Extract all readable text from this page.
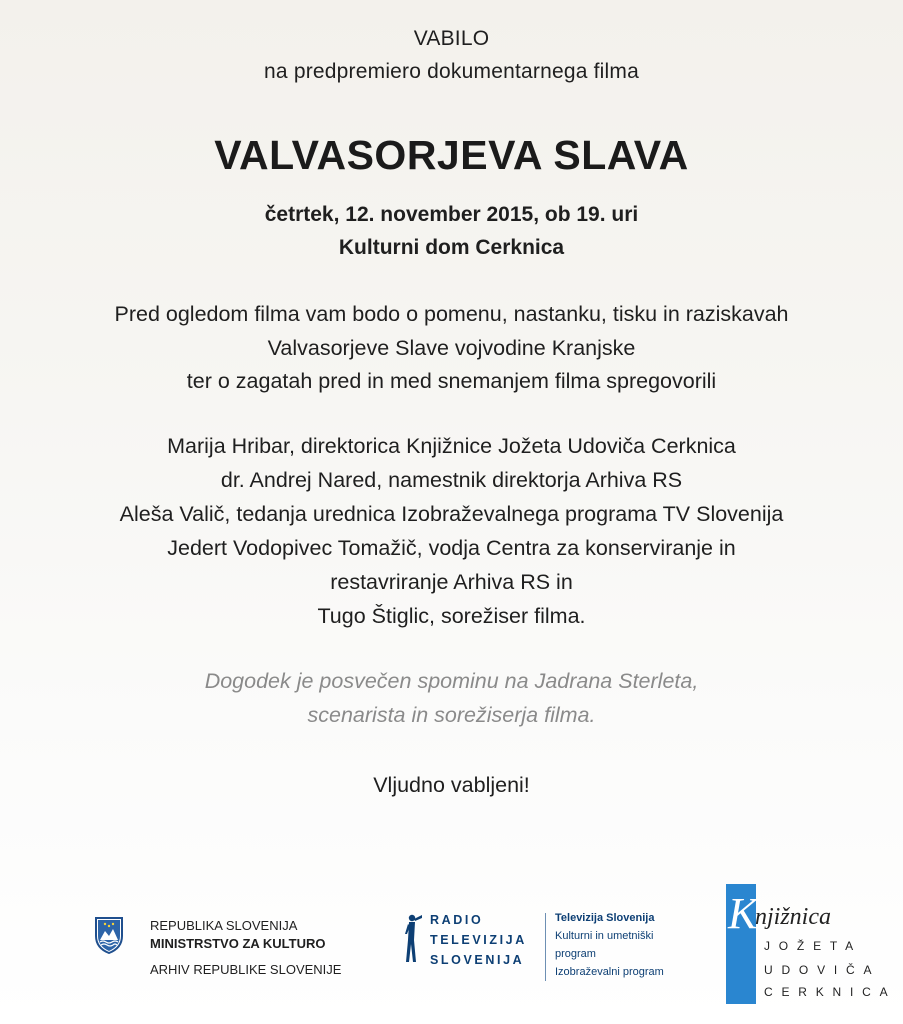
VABILO
na predpremiero dokumentarnega filma
VALVASORJEVA SLAVA
četrtek, 12. november 2015, ob 19. uri
Kulturni dom Cerknica
Pred ogledom filma vam bodo o pomenu, nastanku, tisku in raziskavah
Valvasorjeve Slave vojvodine Kranjske
ter o zagatah pred in med snemanjem filma spregovorili
Marija Hribar, direktorica Knjižnice Jožeta Udoviča Cerknica
dr. Andrej Nared, namestnik direktorja Arhiva RS
Aleša Valič, tedanja urednica Izobraževalnega programa TV Slovenija
Jedert Vodopivec Tomažič, vodja Centra za konserviranje in
restavriranje Arhiva RS in
Tugo Štiglic, sorežiser filma.
Dogodek je posvečen spominu na Jadrana Sterleta,
scenarista in sorežiserja filma.
Vljudno vabljeni!
REPUBLIKA SLOVENIJA
MINISTRSTVO ZA KULTURO
ARHIV REPUBLIKE SLOVENIJE
RADIO
TELEVIZIJA
SLOVENIJA
Televizija Slovenija
Kulturni in umetniški
program
Izobraževalni program
K
njižnica
JOŽETA
UDOVIČA
CERKNICA
